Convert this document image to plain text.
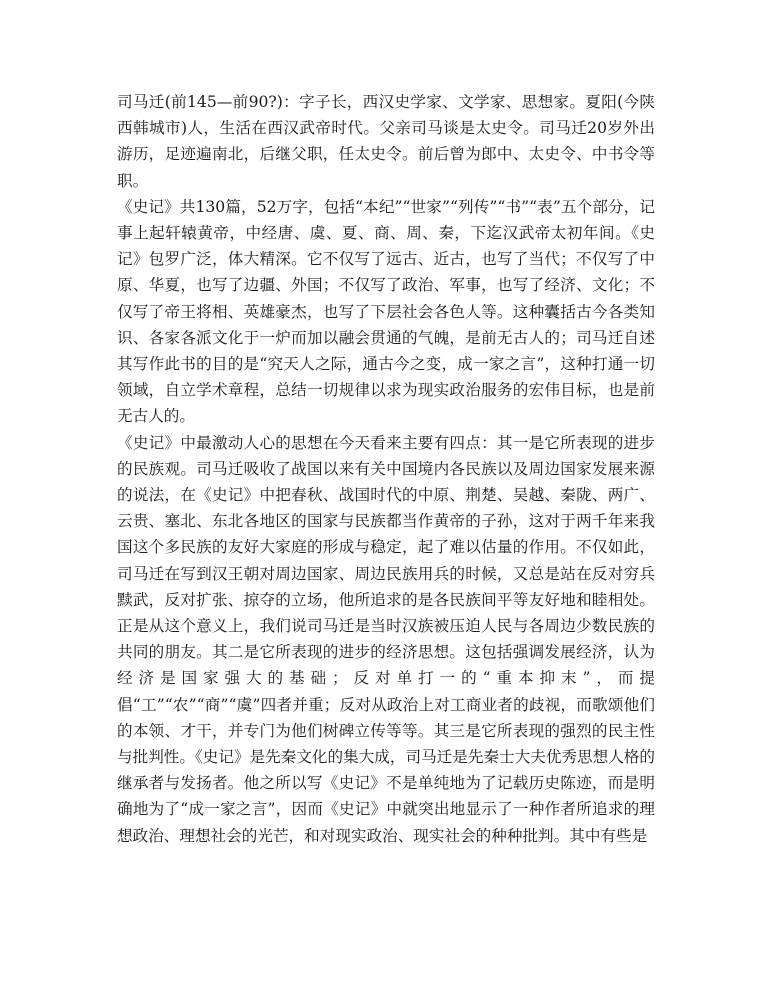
司马迁(前145—前90?)：字子长，西汉史学家、文学家、思想家。夏阳(今陕西韩城市)人，生活在西汉武帝时代。父亲司马谈是太史令。司马迁20岁外出游历，足迹遍南北，后继父职，任太史令。前后曾为郎中、太史令、中书令等职。

《史记》共130篇，52万字，包括“本纪”“世家”“列传”“书”“表”五个部分，记事上起轩辕黄帝，中经唐、虞、夏、商、周、秦，下迄汉武帝太初年间。《史记》包罗广泛，体大精深。它不仅写了远古、近古，也写了当代；不仅写了中原、华夏，也写了边疆、外国；不仅写了政治、军事，也写了经济、文化；不仅写了帝王将相、英雄豪杰，也写了下层社会各色人等。这种囊括古今各类知识、各家各派文化于一炉而加以融会贯通的气魄，是前无古人的；司马迁自述其写作此书的目的是“究天人之际，通古今之变，成一家之言”，这种打通一切领域，自立学术章程，总结一切规律以求为现实政治服务的宏伟目标，也是前无古人的。

《史记》中最激动人心的思想在今天看来主要有四点：其一是它所表现的进步的民族观。司马迁吸收了战国以来有关中国境内各民族以及周边国家发展来源的说法，在《史记》中把春秋、战国时代的中原、荆楚、吴越、秦陇、两广、云贵、塞北、东北各地区的国家与民族都当作黄帝的子孙，这对于两千年来我国这个多民族的友好大家庭的形成与稳定，起了难以估量的作用。不仅如此，司马迁在写到汉王朝对周边国家、周边民族用兵的时候，又总是站在反对穷兵黩武，反对扩张、掠夺的立场，他所追求的是各民族间平等友好地和睦相处。正是从这个意义上，我们说司马迁是当时汉族被压迫人民与各周边少数民族的共同的朋友。其二是它所表现的进步的经济思想。这包括强调发展经济，认为经济是国家强大的基础；反对单打一的“重本抑末”，而提倡“工”“农”“商”“虞”四者并重；反对从政治上对工商业者的歧视，而歌颂他们的本领、才干，并专门为他们树碑立传等等。其三是它所表现的强烈的民主性与批判性。《史记》是先秦文化的集大成，司马迁是先秦士大夫优秀思想人格的继承者与发扬者。他之所以写《史记》不是单纯地为了记载历史陈迹，而是明确地为了“成一家之言”，因而《史记》中就突出地显示了一种作者所追求的理想政治、理想社会的光芒，和对现实政治、现实社会的种种批判。其中有些是
